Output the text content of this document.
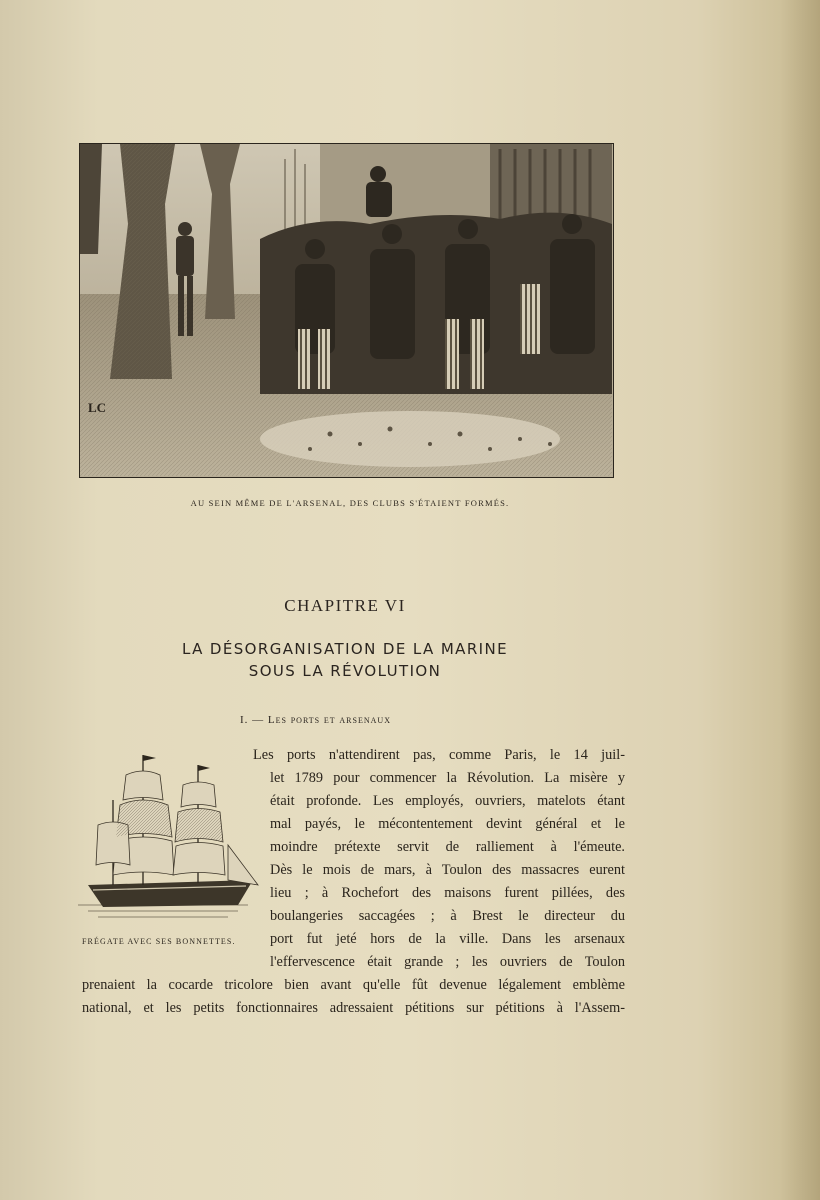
LC
AU SEIN MÊME DE L'ARSENAL, DES CLUBS S'ÉTAIENT FORMÉS.
CHAPITRE VI
LA DÉSORGANISATION DE LA MARINE
SOUS LA RÉVOLUTION
I. — Les ports et arsenaux
FRÉGATE AVEC SES BONNETTES.
Les ports n'attendirent pas, comme Paris, le 14 juil-
let 1789 pour commencer la Révolution. La misère y
était profonde. Les employés, ouvriers, matelots étant
mal payés, le mécontentement devint général et le
moindre prétexte servit de ralliement à l'émeute.
Dès le mois de mars, à Toulon des massacres eurent
lieu ; à Rochefort des maisons furent pillées, des
boulangeries saccagées ; à Brest le directeur du
port fut jeté hors de la ville. Dans les arsenaux
l'effervescence était grande ; les ouvriers de Toulon
prenaient la cocarde tricolore bien avant qu'elle fût devenue légalement emblème
national, et les petits fonctionnaires adressaient pétitions sur pétitions à l'Assem-
